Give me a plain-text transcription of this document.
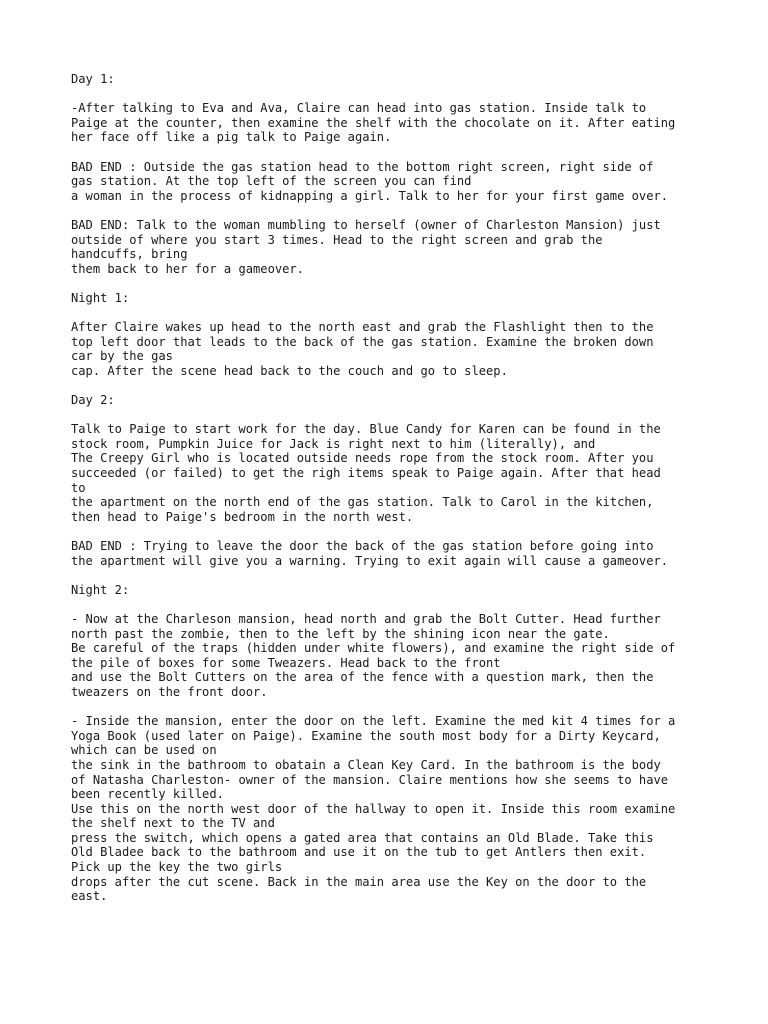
Day 1:
-After talking to Eva and Ava, Claire can head into gas station. Inside talk to
Paige at the counter, then examine the shelf with the chocolate on it. After eating
her face off like a pig talk to Paige again.
BAD END : Outside the gas station head to the bottom right screen, right side of
gas station. At the top left of the screen you can find
a woman in the process of kidnapping a girl. Talk to her for your first game over.
BAD END: Talk to the woman mumbling to herself (owner of Charleston Mansion) just
outside of where you start 3 times. Head to the right screen and grab the
handcuffs, bring
them back to her for a gameover.
Night 1:
After Claire wakes up head to the north east and grab the Flashlight then to the
top left door that leads to the back of the gas station. Examine the broken down
car by the gas
cap. After the scene head back to the couch and go to sleep.
Day 2:
Talk to Paige to start work for the day. Blue Candy for Karen can be found in the
stock room, Pumpkin Juice for Jack is right next to him (literally), and
The Creepy Girl who is located outside needs rope from the stock room. After you
succeeded (or failed) to get the righ items speak to Paige again. After that head
to
the apartment on the north end of the gas station. Talk to Carol in the kitchen,
then head to Paige's bedroom in the north west.
BAD END : Trying to leave the door the back of the gas station before going into
the apartment will give you a warning. Trying to exit again will cause a gameover.
Night 2:
- Now at the Charleson mansion, head north and grab the Bolt Cutter. Head further
north past the zombie, then to the left by the shining icon near the gate.
Be careful of the traps (hidden under white flowers), and examine the right side of
the pile of boxes for some Tweazers. Head back to the front
and use the Bolt Cutters on the area of the fence with a question mark, then the
tweazers on the front door.
- Inside the mansion, enter the door on the left. Examine the med kit 4 times for a
Yoga Book (used later on Paige). Examine the south most body for a Dirty Keycard,
which can be used on
the sink in the bathroom to obatain a Clean Key Card. In the bathroom is the body
of Natasha Charleston- owner of the mansion. Claire mentions how she seems to have
been recently killed.
Use this on the north west door of the hallway to open it. Inside this room examine
the shelf next to the TV and
press the switch, which opens a gated area that contains an Old Blade. Take this
Old Bladee back to the bathroom and use it on the tub to get Antlers then exit.
Pick up the key the two girls
drops after the cut scene. Back in the main area use the Key on the door to the
east.
